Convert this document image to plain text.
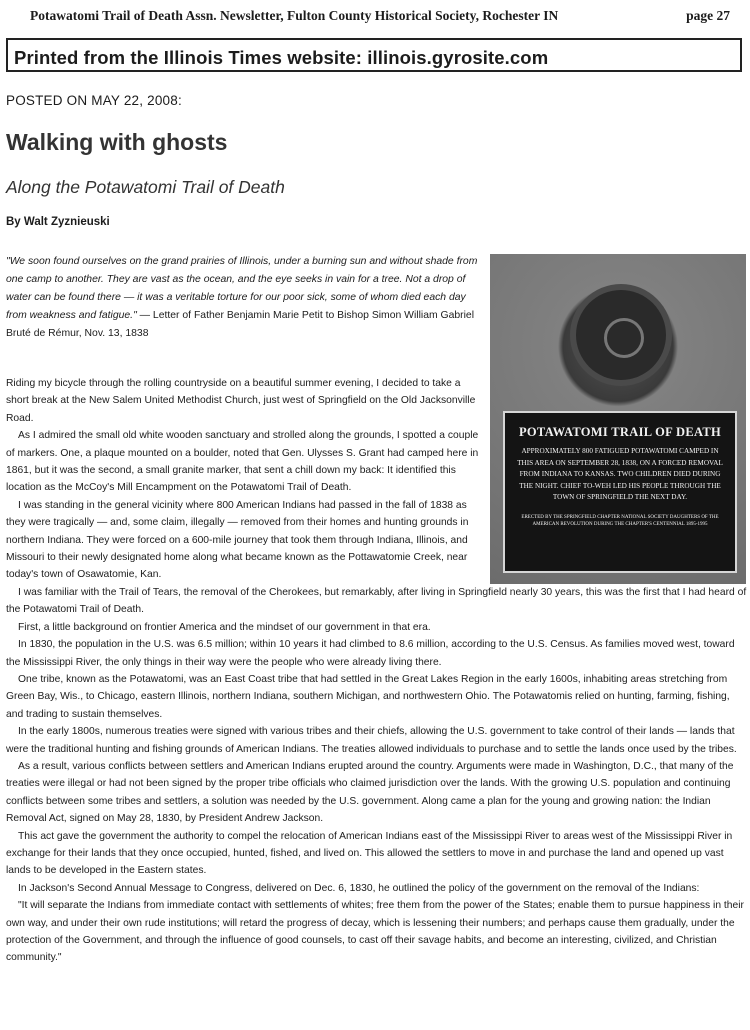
Potawatomi Trail of Death Assn. Newsletter, Fulton County Historical Society, Rochester IN	page 27
Printed from the Illinois Times website: illinois.gyrosite.com
POSTED ON MAY 22, 2008:
Walking with ghosts
Along the Potawatomi Trail of Death
By Walt Zyznieuski
"We soon found ourselves on the grand prairies of Illinois, under a burning sun and without shade from one camp to another. They are vast as the ocean, and the eye seeks in vain for a tree. Not a drop of water can be found there — it was a veritable torture for our poor sick, some of whom died each day from weakness and fatigue." — Letter of Father Benjamin Marie Petit to Bishop Simon William Gabriel Bruté de Rémur, Nov. 13, 1838
POTAWATOMI TRAIL OF DEATH
APPROXIMATELY 800 FATIGUED POTAWATOMI CAMPED IN THIS AREA ON SEPTEMBER 28, 1838, ON A FORCED REMOVAL FROM INDIANA TO KANSAS. TWO CHILDREN DIED DURING THE NIGHT. CHIEF TO-WEH LED HIS PEOPLE THROUGH THE TOWN OF SPRINGFIELD THE NEXT DAY.
ERECTED BY THE SPRINGFIELD CHAPTER NATIONAL SOCIETY DAUGHTERS OF THE AMERICAN REVOLUTION DURING THE CHAPTER'S CENTENNIAL 1895-1995

Riding my bicycle through the rolling countryside on a beautiful summer evening, I decided to take a short break at the New Salem United Methodist Church, just west of Springfield on the Old Jacksonville Road.

As I admired the small old white wooden sanctuary and strolled along the grounds, I spotted a couple of markers. One, a plaque mounted on a boulder, noted that Gen. Ulysses S. Grant had camped here in 1861, but it was the second, a small granite marker, that sent a chill down my back: It identified this location as the McCoy's Mill Encampment on the Potawatomi Trail of Death.

I was standing in the general vicinity where 800 American Indians had passed in the fall of 1838 as they were tragically — and, some claim, illegally — removed from their homes and hunting grounds in northern Indiana. They were forced on a 600-mile journey that took them through Indiana, Illinois, and Missouri to their newly designated home along what became known as the Pottawatomie Creek, near today's town of Osawatomie, Kan.

I was familiar with the Trail of Tears, the removal of the Cherokees, but remarkably, after living in Springfield nearly 30 years, this was the first that I had heard of the Potawatomi Trail of Death.

First, a little background on frontier America and the mindset of our government in that era.

In 1830, the population in the U.S. was 6.5 million; within 10 years it had climbed to 8.6 million, according to the U.S. Census. As families moved west, toward the Mississippi River, the only things in their way were the people who were already living there.

One tribe, known as the Potawatomi, was an East Coast tribe that had settled in the Great Lakes Region in the early 1600s, inhabiting areas stretching from Green Bay, Wis., to Chicago, eastern Illinois, northern Indiana, southern Michigan, and northwestern Ohio. The Potawatomis relied on hunting, farming, fishing, and trading to sustain themselves.

In the early 1800s, numerous treaties were signed with various tribes and their chiefs, allowing the U.S. government to take control of their lands — lands that were the traditional hunting and fishing grounds of American Indians. The treaties allowed individuals to purchase and to settle the lands once used by the tribes.

As a result, various conflicts between settlers and American Indians erupted around the country. Arguments were made in Washington, D.C., that many of the treaties were illegal or had not been signed by the proper tribe officials who claimed jurisdiction over the lands. With the growing U.S. population and continuing conflicts between some tribes and settlers, a solution was needed by the U.S. government. Along came a plan for the young and growing nation: the Indian Removal Act, signed on May 28, 1830, by President Andrew Jackson.

This act gave the government the authority to compel the relocation of American Indians east of the Mississippi River to areas west of the Mississippi River in exchange for their lands that they once occupied, hunted, fished, and lived on. This allowed the settlers to move in and purchase the land and opened up vast lands to be developed in the Eastern states.

In Jackson's Second Annual Message to Congress, delivered on Dec. 6, 1830, he outlined the policy of the government on the removal of the Indians:

"It will separate the Indians from immediate contact with settlements of whites; free them from the power of the States; enable them to pursue happiness in their own way, and under their own rude institutions; will retard the progress of decay, which is lessening their numbers; and perhaps cause them gradually, under the protection of the Government, and through the influence of good counsels, to cast off their savage habits, and become an interesting, civilized, and Christian community."
